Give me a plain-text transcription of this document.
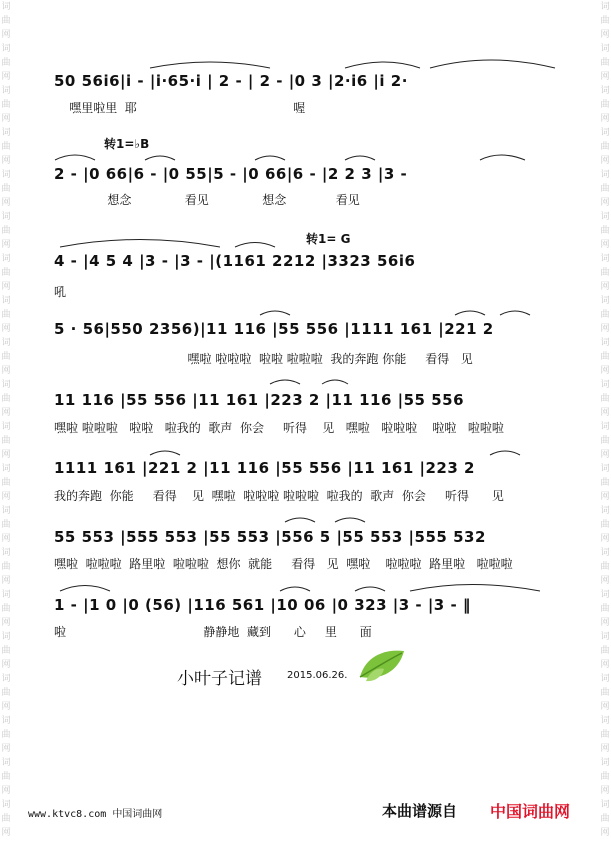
词曲网词曲网词曲网词曲网词曲网词曲网词曲网词曲网词曲网词曲网词曲网词曲网词曲网词曲网词曲网词曲网词曲网词曲网词曲网词曲网
词曲网词曲网词曲网词曲网词曲网词曲网词曲网词曲网词曲网词曲网词曲网词曲网词曲网词曲网词曲网词曲网词曲网词曲网词曲网词曲网
50 56i6|i - |i·65·i | 2 - | 2 - |0 3 |2·i6 |i 2·
嘿里啦里  耶                                         喔
转1=♭B
2 - |0 66|6 - |0 55|5 - |0 66|6 - |2 2 3 |3 -
想念              看见              想念             看见
转1= G
4 - |4 5 4 |3 - |3 - |(1161 2212 |3323 56i6
吼
5 · 56|550 2356)|11 116 |55 556 |1111 161 |221 2
嘿啦 啦啦啦  啦啦 啦啦啦  我的奔跑 你能     看得   见
11 116 |55 556 |11 161 |223 2 |11 116 |55 556
嘿啦 啦啦啦   啦啦   啦我的  歌声  你会     听得    见   嘿啦   啦啦啦    啦啦   啦啦啦
1111 161 |221 2 |11 116 |55 556 |11 161 |223 2
我的奔跑  你能     看得    见  嘿啦  啦啦啦 啦啦啦  啦我的  歌声  你会     听得      见
55 553 |555 553 |55 553 |556 5 |55 553 |555 532
嘿啦  啦啦啦  路里啦  啦啦啦  想你  就能     看得   见  嘿啦    啦啦啦  路里啦   啦啦啦
1 - |1 0 |0 (56) |116 561 |10 06 |0 323 |3 - |3 - ‖
啦                                    静静地  藏到      心     里      面
小叶子记谱	2015.06.26.
www.ktvc8.com 中国词曲网	本曲谱源自 中国词曲网
